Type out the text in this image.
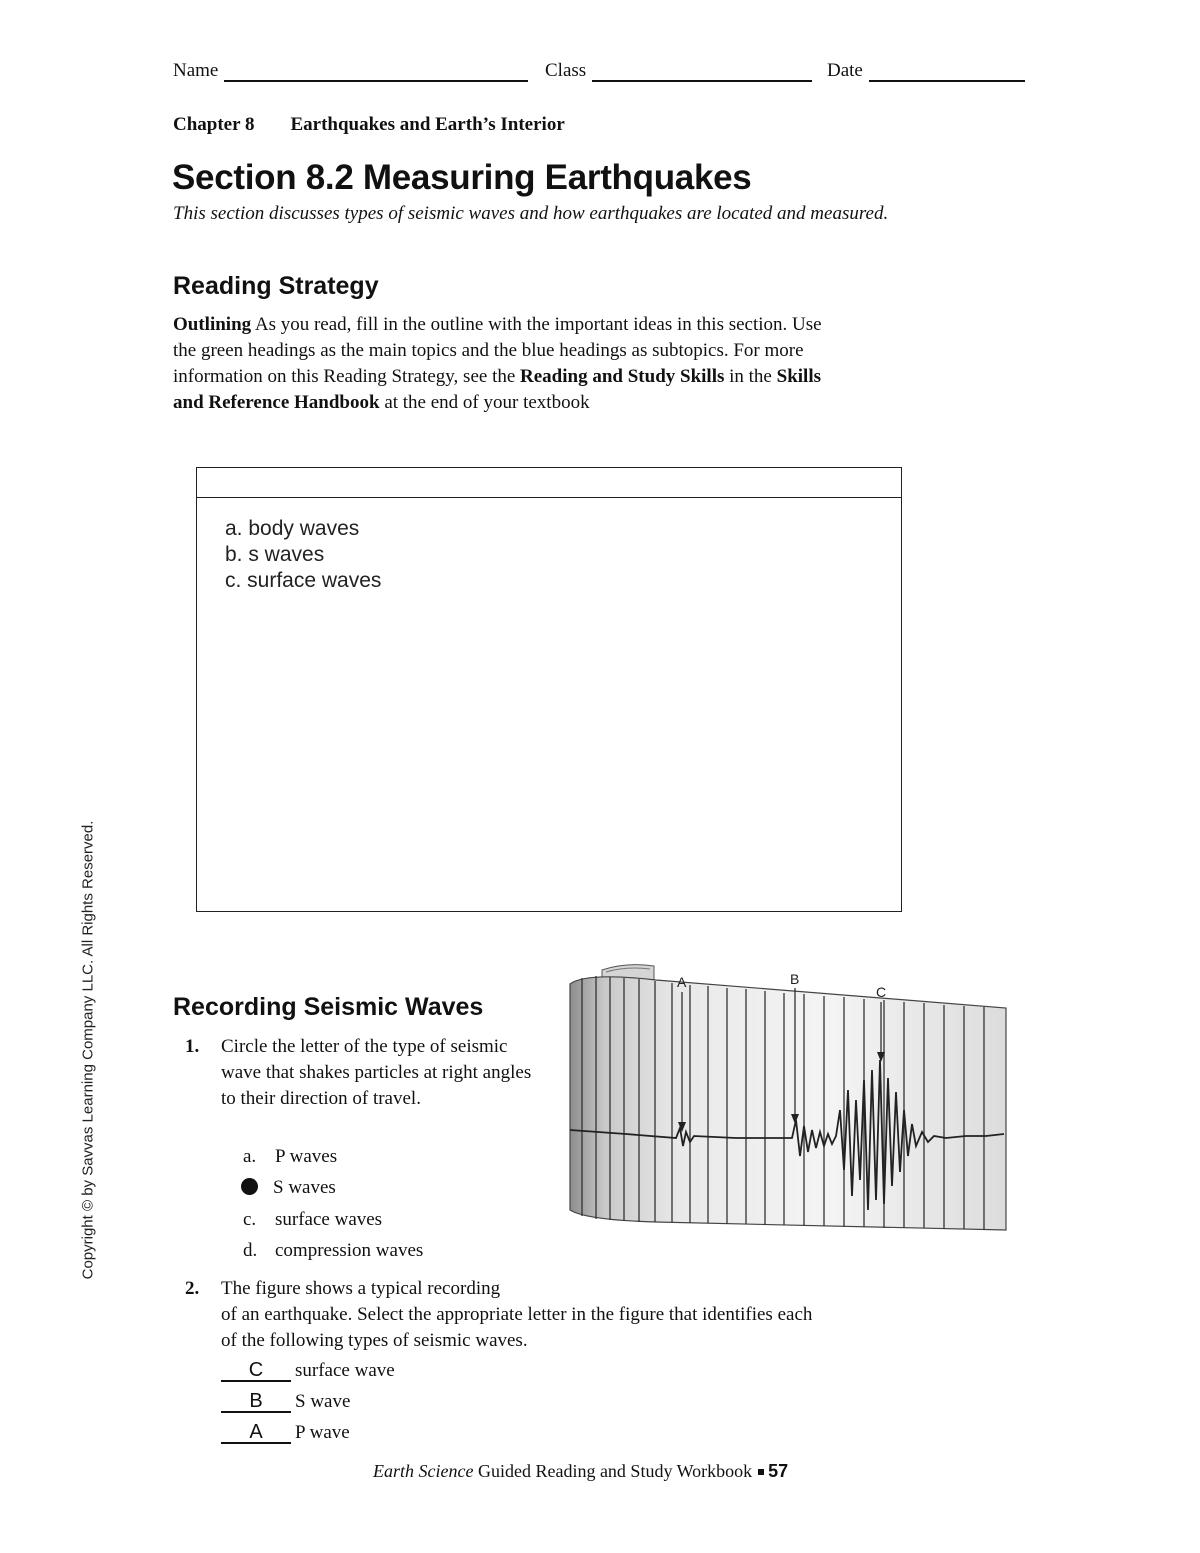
Name	Class	Date
Chapter 8 Earthquakes and Earth’s Interior
Section 8.2 Measuring Earthquakes
This section discusses types of seismic waves and how earthquakes are located and measured.
Reading Strategy
Outlining As you read, fill in the outline with the important ideas in this section. Use the green headings as the main topics and the blue headings as subtopics. For more information on this Reading Strategy, see the Reading and Study Skills in the Skills and Reference Handbook at the end of your textbook
a. body waves
b. s waves
c. surface waves
Copyright © by Savvas Learning Company LLC. All Rights Reserved.	Recording Seismic Waves
1. Circle the letter of the type of seismic wave that shakes particles at right angles to their direction of travel.
a. P waves
S waves
c. surface waves
d. compression waves
2. The figure shows a typical recording
of an earthquake. Select the appropriate letter in the figure that identifies each of the following types of seismic waves.
C	surface wave
B	S wave
A	P wave
A	B
C
Earth Science Guided Reading and Study Workbook 57
